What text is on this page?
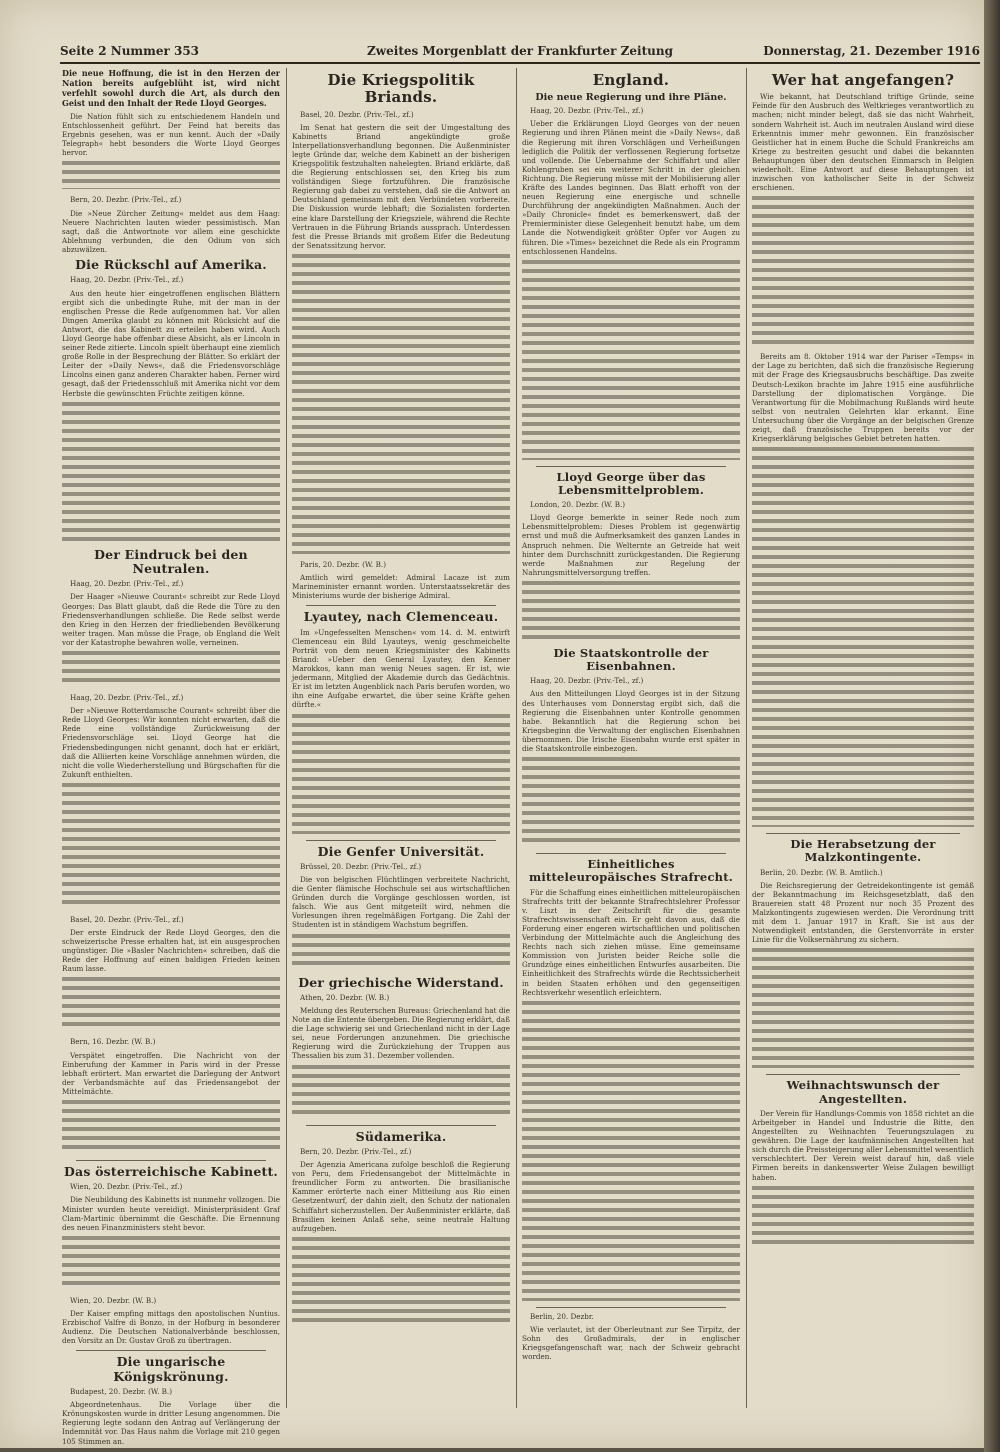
Seite 2 Nummer 353	Zweites Morgenblatt der Frankfurter Zeitung	Donnerstag, 21. Dezember 1916
Die neue Hoffnung, die ist in den Herzen der Nation bereits aufgeblüht ist, wird nicht verfehlt sowohl durch die Art, als durch den Geist und den Inhalt der Rede Lloyd Georges.

Die Nation fühlt sich zu entschiedenem Handeln und Entschlossenheit geführt. Der Feind hat bereits das Ergebnis gesehen, was er nun kennt. Auch der »Daily Telegraph« hebt besonders die Worte Lloyd Georges hervor.

Bern, 20. Dezbr. (Priv.-Tel., zf.)

Die »Neue Zürcher Zeitung« meldet aus dem Haag: Neuere Nachrichten lauten wieder pessimistisch. Man sagt, daß die Antwortnote vor allem eine geschickte Ablehnung verbunden, die den Odium von sich abzuwälzen.

Die Rückschl auf Amerika.

Haag, 20. Dezbr. (Priv.-Tel., zf.)

Aus den heute hier eingetroffenen englischen Blättern ergibt sich die unbedingte Ruhe, mit der man in der englischen Presse die Rede aufgenommen hat. Vor allen Dingen Amerika glaubt zu können mit Rücksicht auf die Antwort, die das Kabinett zu erteilen haben wird. Auch Lloyd George habe offenbar diese Absicht, als er Lincoln in seiner Rede zitierte. Lincoln spielt überhaupt eine ziemlich große Rolle in der Besprechung der Blätter. So erklärt der Leiter der »Daily News«, daß die Friedensvorschläge Lincolns einen ganz anderen Charakter haben. Ferner wird gesagt, daß der Friedensschluß mit Amerika nicht vor dem Herbste die gewünschten Früchte zeitigen könne.

Der Eindruck bei den Neutralen.

Haag, 20. Dezbr. (Priv.-Tel., zf.)

Der Haager »Nieuwe Courant« schreibt zur Rede Lloyd Georges: Das Blatt glaubt, daß die Rede die Türe zu den Friedensverhandlungen schließe. Die Rede selbst werde den Krieg in den Herzen der friedliebenden Bevölkerung weiter tragen. Man müsse die Frage, ob England die Welt vor der Katastrophe bewahren wolle, verneinen.

Haag, 20. Dezbr. (Priv.-Tel., zf.)

Der »Nieuwe Rotterdamsche Courant« schreibt über die Rede Lloyd Georges: Wir konnten nicht erwarten, daß die Rede eine vollständige Zurückweisung der Friedensvorschläge sei. Lloyd George hat die Friedensbedingungen nicht genannt, doch hat er erklärt, daß die Alliierten keine Vorschläge annehmen würden, die nicht die volle Wiederherstellung und Bürgschaften für die Zukunft enthielten.

Basel, 20. Dezbr. (Priv.-Tel., zf.)

Der erste Eindruck der Rede Lloyd Georges, den die schweizerische Presse erhalten hat, ist ein ausgesprochen ungünstiger. Die »Basler Nachrichten« schreiben, daß die Rede der Hoffnung auf einen baldigen Frieden keinen Raum lasse.

Bern, 16. Dezbr. (W. B.)

Verspätet eingetroffen. Die Nachricht von der Einberufung der Kammer in Paris wird in der Presse lebhaft erörtert. Man erwartet die Darlegung der Antwort der Verbandsmächte auf das Friedensangebot der Mittelmächte.

Das österreichische Kabinett.

Wien, 20. Dezbr. (Priv.-Tel., zf.)

Die Neubildung des Kabinetts ist nunmehr vollzogen. Die Minister wurden heute vereidigt. Ministerpräsident Graf Clam-Martinic übernimmt die Geschäfte. Die Ernennung des neuen Finanzministers steht bevor.

Wien, 20. Dezbr. (W. B.)

Der Kaiser empfing mittags den apostolischen Nuntius. Erzbischof Valfre di Bonzo, in der Hofburg in besonderer Audienz. Die Deutschen Nationalverbände beschlossen, den Vorsitz an Dr. Gustav Groß zu übertragen.

Die ungarische Königskrönung.

Budapest, 20. Dezbr. (W. B.)

Abgeordnetenhaus. Die Vorlage über die Krönungskosten wurde in dritter Lesung angenommen. Die Regierung legte sodann den Antrag auf Verlängerung der Indemnität vor. Das Haus nahm die Vorlage mit 210 gegen 105 Stimmen an.

Die Kriegspolitik Briands.

Basel, 20. Dezbr. (Priv.-Tel., zf.)

Im Senat hat gestern die seit der Umgestaltung des Kabinetts Briand angekündigte große Interpellationsverhandlung begonnen. Die Außenminister legte Gründe dar, welche dem Kabinett an der bisherigen Kriegspolitik festzuhalten nahelegten. Briand erklärte, daß die Regierung entschlossen sei, den Krieg bis zum vollständigen Siege fortzuführen. Die französische Regierung gab dabei zu verstehen, daß sie die Antwort an Deutschland gemeinsam mit den Verbündeten vorbereite. Die Diskussion wurde lebhaft; die Sozialisten forderten eine klare Darstellung der Kriegsziele, während die Rechte Vertrauen in die Führung Briands aussprach. Unterdessen fest die Presse Briands mit großem Eifer die Bedeutung der Senatssitzung hervor.

Paris, 20. Dezbr. (W. B.)

Amtlich wird gemeldet: Admiral Lacaze ist zum Marineminister ernannt worden. Unterstaatssekretär des Ministeriums wurde der bisherige Admiral.

Lyautey, nach Clemenceau.

Im »Ungefesselten Menschen« vom 14. d. M. entwirft Clemenceau ein Bild Lyauteys, wenig geschmeichelte Porträt von dem neuen Kriegsminister des Kabinetts Briand: »Ueber den General Lyautey, den Kenner Marokkos, kann man wenig Neues sagen. Er ist, wie jedermann, Mitglied der Akademie durch das Gedächtnis. Er ist im letzten Augenblick nach Paris berufen worden, wo ihn eine Aufgabe erwartet, die über seine Kräfte gehen dürfte.«

Die Genfer Universität.

Brüssel, 20. Dezbr. (Priv.-Tel., zf.)

Die von belgischen Flüchtlingen verbreitete Nachricht, die Genter flämische Hochschule sei aus wirtschaftlichen Gründen durch die Vorgänge geschlossen worden, ist falsch. Wie aus Gent mitgeteilt wird, nehmen die Vorlesungen ihren regelmäßigen Fortgang. Die Zahl der Studenten ist in ständigem Wachstum begriffen.

Der griechische Widerstand.

Athen, 20. Dezbr. (W. B.)

Meldung des Reuterschen Bureaus: Griechenland hat die Note an die Entente übergeben. Die Regierung erklärt, daß die Lage schwierig sei und Griechenland nicht in der Lage sei, neue Forderungen anzunehmen. Die griechische Regierung wird die Zurückziehung der Truppen aus Thessalien bis zum 31. Dezember vollenden.

Südamerika.

Bern, 20. Dezbr. (Priv.-Tel., zf.)

Der Agenzia Americana zufolge beschloß die Regierung von Peru, dem Friedensangebot der Mittelmächte in freundlicher Form zu antworten. Die brasilianische Kammer erörterte nach einer Mitteilung aus Rio einen Gesetzentwurf, der dahin zielt, den Schutz der nationalen Schiffahrt sicherzustellen. Der Außenminister erklärte, daß Brasilien keinen Anlaß sehe, seine neutrale Haltung aufzugeben.

England.
Die neue Regierung und ihre Pläne.

Haag, 20. Dezbr. (Priv.-Tel., zf.)

Ueber die Erklärungen Lloyd Georges von der neuen Regierung und ihren Plänen meint die »Daily News«, daß die Regierung mit ihren Vorschlägen und Verheißungen lediglich die Politik der verflossenen Regierung fortsetze und vollende. Die Uebernahme der Schiffahrt und aller Kohlengruben sei ein weiterer Schritt in der gleichen Richtung. Die Regierung müsse mit der Mobilisierung aller Kräfte des Landes beginnen. Das Blatt erhofft von der neuen Regierung eine energische und schnelle Durchführung der angekündigten Maßnahmen. Auch der »Daily Chronicle« findet es bemerkenswert, daß der Premierminister diese Gelegenheit benutzt habe, um dem Lande die Notwendigkeit größter Opfer vor Augen zu führen. Die »Times« bezeichnet die Rede als ein Programm entschlossenen Handelns.

Lloyd George über das Lebensmittelproblem.

London, 20. Dezbr. (W. B.)

Lloyd George bemerkte in seiner Rede noch zum Lebensmittelproblem: Dieses Problem ist gegenwärtig ernst und muß die Aufmerksamkeit des ganzen Landes in Anspruch nehmen. Die Welternte an Getreide hat weit hinter dem Durchschnitt zurückgestanden. Die Regierung werde Maßnahmen zur Regelung der Nahrungsmittelversorgung treffen.

Die Staatskontrolle der Eisenbahnen.

Haag, 20. Dezbr. (Priv.-Tel., zf.)

Aus den Mitteilungen Lloyd Georges ist in der Sitzung des Unterhauses vom Donnerstag ergibt sich, daß die Regierung die Eisenbahnen unter Kontrolle genommen habe. Bekanntlich hat die Regierung schon bei Kriegsbeginn die Verwaltung der englischen Eisenbahnen übernommen. Die Irische Eisenbahn wurde erst später in die Staatskontrolle einbezogen.

Einheitliches mitteleuropäisches Strafrecht.

Für die Schaffung eines einheitlichen mitteleuropäischen Strafrechts tritt der bekannte Strafrechtslehrer Professor v. Liszt in der Zeitschrift für die gesamte Strafrechtswissenschaft ein. Er geht davon aus, daß die Forderung einer engeren wirtschaftlichen und politischen Verbindung der Mittelmächte auch die Angleichung des Rechts nach sich ziehen müsse. Eine gemeinsame Kommission von Juristen beider Reiche solle die Grundzüge eines einheitlichen Entwurfes ausarbeiten. Die Einheitlichkeit des Strafrechts würde die Rechtssicherheit in beiden Staaten erhöhen und den gegenseitigen Rechtsverkehr wesentlich erleichtern.

Berlin, 20. Dezbr.

Wie verlautet, ist der Oberleutnant zur See Tirpitz, der Sohn des Großadmirals, der in englischer Kriegsgefangenschaft war, nach der Schweiz gebracht worden.

Wer hat angefangen?

Wie bekannt, hat Deutschland triftige Gründe, seine Feinde für den Ausbruch des Weltkrieges verantwortlich zu machen; nicht minder belegt, daß sie das nicht Wahrheit, sondern Wahrheit ist. Auch im neutralen Ausland wird diese Erkenntnis immer mehr gewonnen. Ein französischer Geistlicher hat in einem Buche die Schuld Frankreichs am Kriege zu bestreiten gesucht und dabei die bekannten Behauptungen über den deutschen Einmarsch in Belgien wiederholt. Eine Antwort auf diese Behauptungen ist inzwischen von katholischer Seite in der Schweiz erschienen.

Bereits am 8. Oktober 1914 war der Pariser »Temps« in der Lage zu berichten, daß sich die französische Regierung mit der Frage des Kriegsausbruchs beschäftige. Das zweite Deutsch-Lexikon brachte im Jahre 1915 eine ausführliche Darstellung der diplomatischen Vorgänge. Die Verantwortung für die Mobilmachung Rußlands wird heute selbst von neutralen Gelehrten klar erkannt. Eine Untersuchung über die Vorgänge an der belgischen Grenze zeigt, daß französische Truppen bereits vor der Kriegserklärung belgisches Gebiet betreten hatten.

Die Herabsetzung der Malzkontingente.

Berlin, 20. Dezbr. (W. B. Amtlich.)

Die Reichsregierung der Getreidekontingente ist gemäß der Bekanntmachung im Reichsgesetzblatt, daß den Brauereien statt 48 Prozent nur noch 35 Prozent des Malzkontingents zugewiesen werden. Die Verordnung tritt mit dem 1. Januar 1917 in Kraft. Sie ist aus der Notwendigkeit entstanden, die Gerstenvorräte in erster Linie für die Volksernährung zu sichern.

Weihnachtswunsch der Angestellten.

Der Verein für Handlungs-Commis von 1858 richtet an die Arbeitgeber in Handel und Industrie die Bitte, den Angestellten zu Weihnachten Teuerungszulagen zu gewähren. Die Lage der kaufmännischen Angestellten hat sich durch die Preissteigerung aller Lebensmittel wesentlich verschlechtert. Der Verein weist darauf hin, daß viele Firmen bereits in dankenswerter Weise Zulagen bewilligt haben.
